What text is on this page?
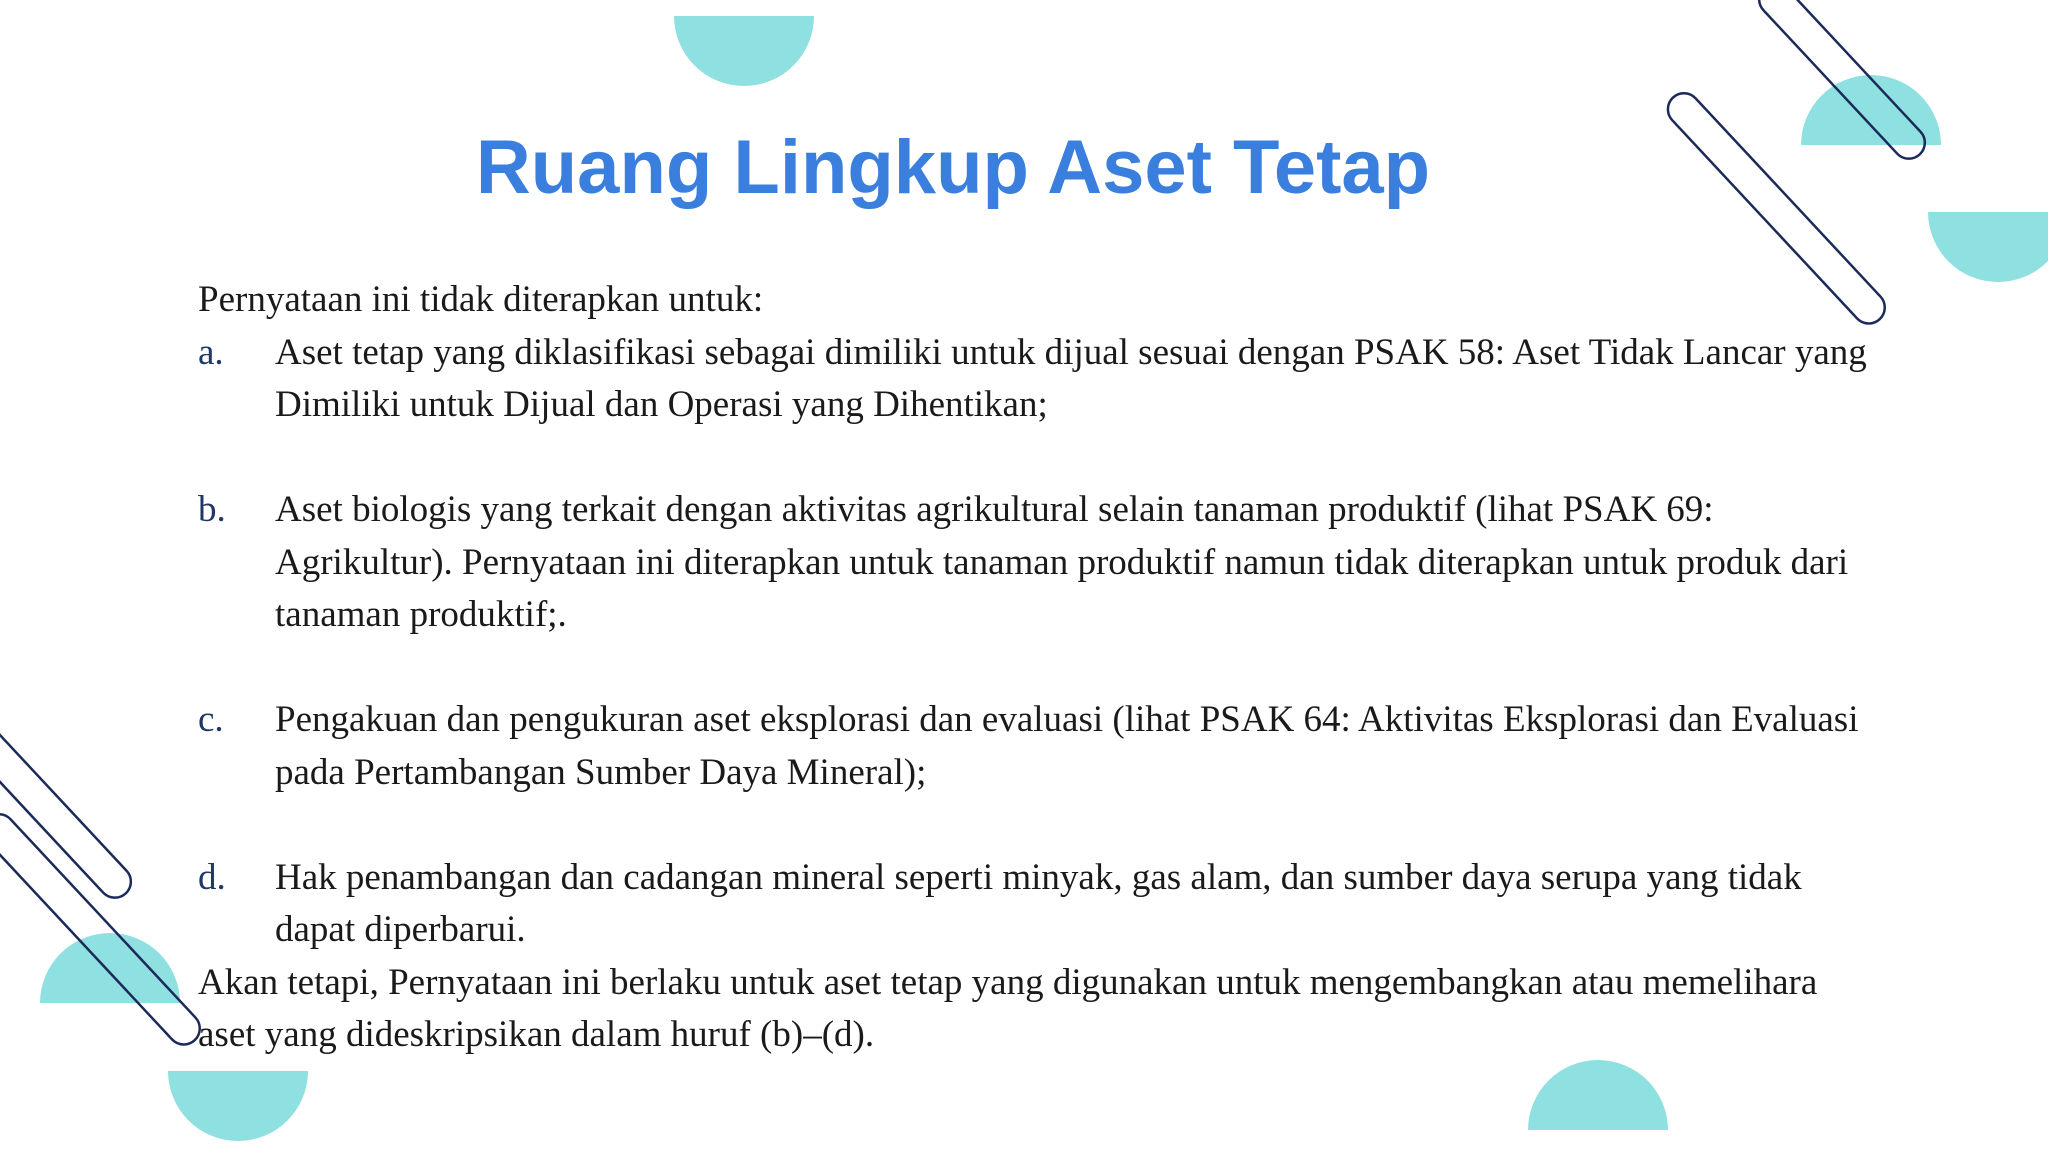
Ruang Lingkup Aset Tetap

Pernyataan ini tidak diterapkan untuk:

a.	Aset tetap yang diklasifikasi sebagai dimiliki untuk dijual sesuai dengan PSAK 58: Aset Tidak Lancar yang Dimiliki untuk Dijual dan Operasi yang Dihentikan;
b.	Aset biologis yang terkait dengan aktivitas agrikultural selain tanaman produktif (lihat PSAK 69: Agrikultur). Pernyataan ini diterapkan untuk tanaman produktif namun tidak diterapkan untuk produk dari tanaman produktif;.
c.	Pengakuan dan pengukuran aset eksplorasi dan evaluasi (lihat PSAK 64: Aktivitas Eksplorasi dan Evaluasi pada Pertambangan Sumber Daya Mineral);
d.	Hak penambangan dan cadangan mineral seperti minyak, gas alam, dan sumber daya serupa yang tidak dapat diperbarui.

Akan tetapi, Pernyataan ini berlaku untuk aset tetap yang digunakan untuk mengembangkan atau memelihara aset yang dideskripsikan dalam huruf (b)–(d).
